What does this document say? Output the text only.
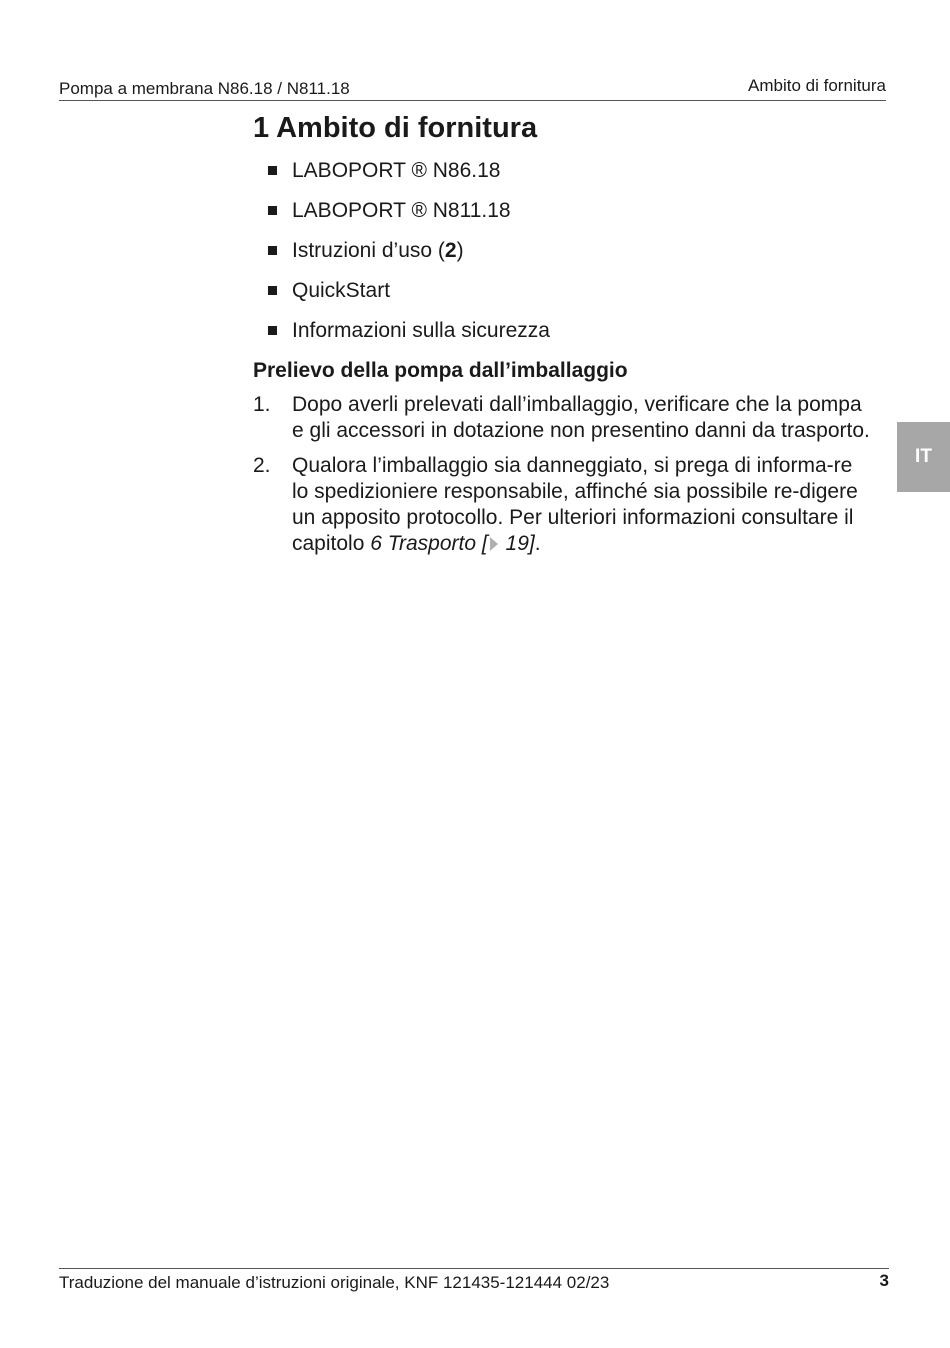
Pompa a membrana N86.18 / N811.18	Ambito di fornitura
IT
1 Ambito di fornitura
LABOPORT ® N86.18
LABOPORT ® N811.18
Istruzioni d’uso (2)
QuickStart
Informazioni sulla sicurezza
Prelievo della pompa dall’imballaggio
1. Dopo averli prelevati dall’imballaggio, verificare che la pompa e gli accessori in dotazione non presentino danni da trasporto.
2. Qualora l’imballaggio sia danneggiato, si prega di informa-re lo spedizioniere responsabile, affinché sia possibile re-digere un apposito protocollo. Per ulteriori informazioni consultare il capitolo 6 Trasporto [ 19].
Traduzione del manuale d’istruzioni originale, KNF 121435-121444 02/23	3
